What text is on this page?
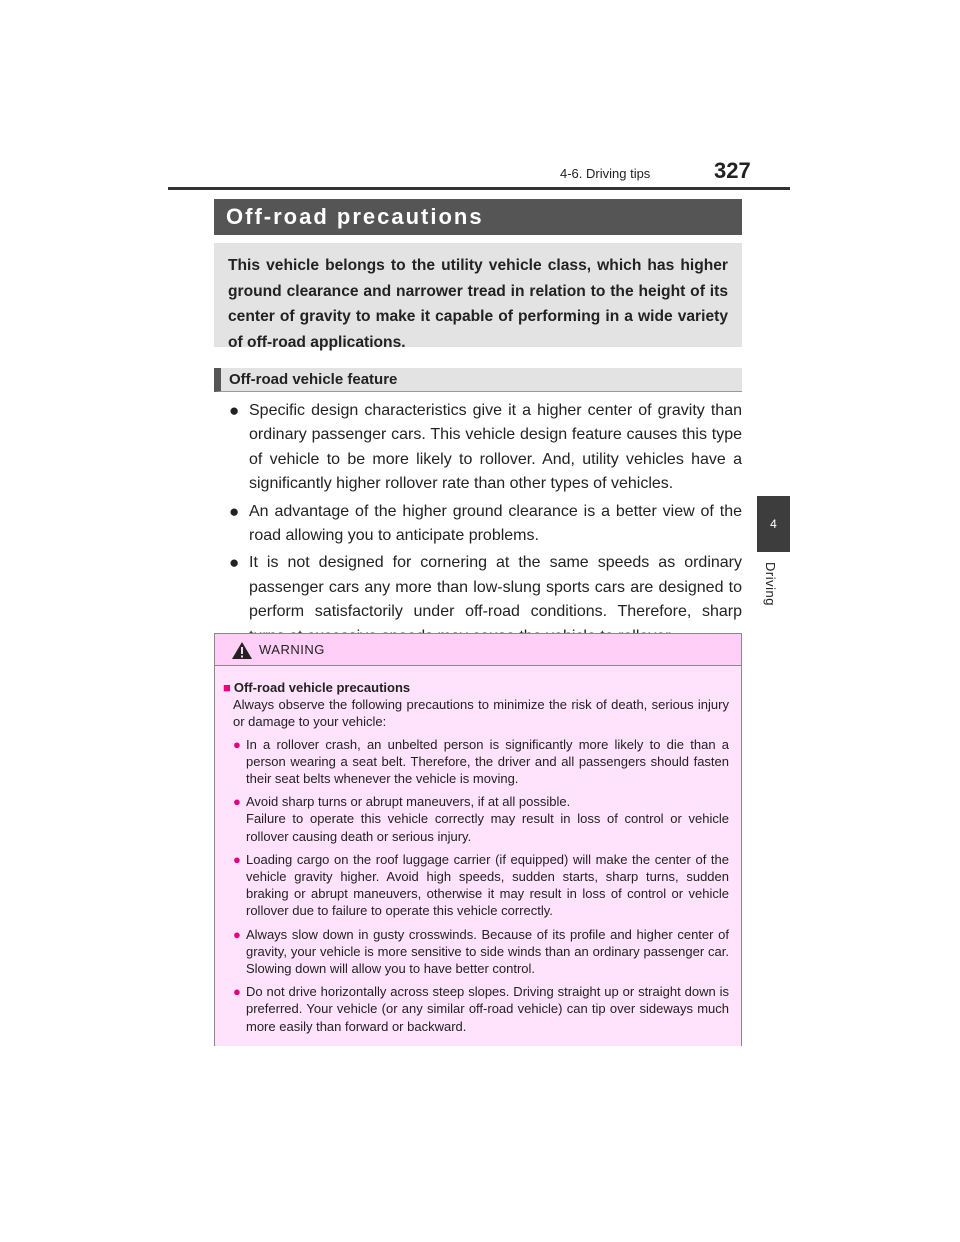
4-6. Driving tips	327
4
Driving
Off-road precautions
This vehicle belongs to the utility vehicle class, which has higher ground clearance and narrower tread in relation to the height of its center of gravity to make it capable of performing in a wide variety of off-road applications.
Off-road vehicle feature
● Specific design characteristics give it a higher center of gravity than ordinary passenger cars. This vehicle design feature causes this type of vehicle to be more likely to rollover. And, utility vehicles have a significantly higher rollover rate than other types of vehicles.
● An advantage of the higher ground clearance is a better view of the road allowing you to anticipate problems.
● It is not designed for cornering at the same speeds as ordinary passenger cars any more than low-slung sports cars are designed to perform satisfactorily under off-road conditions. Therefore, sharp
WARNING
■ Off-road vehicle precautions
Always observe the following precautions to minimize the risk of death, serious injury or damage to your vehicle:
● In a rollover crash, an unbelted person is significantly more likely to die than a person wearing a seat belt. Therefore, the driver and all passengers should fasten their seat belts whenever the vehicle is moving.
● Avoid sharp turns or abrupt maneuvers, if at all possible.
Failure to operate this vehicle correctly may result in loss of control or vehicle rollover causing death or serious injury.
● Loading cargo on the roof luggage carrier (if equipped) will make the center of the vehicle gravity higher. Avoid high speeds, sudden starts, sharp turns, sudden braking or abrupt maneuvers, otherwise it may result in loss of control or vehicle rollover due to failure to operate this vehicle correctly.
● Always slow down in gusty crosswinds. Because of its profile and higher center of gravity, your vehicle is more sensitive to side winds than an ordinary passenger car. Slowing down will allow you to have better control.
● Do not drive horizontally across steep slopes. Driving straight up or straight down is preferred. Your vehicle (or any similar off-road vehicle) can tip over sideways much more easily than forward or backward.
